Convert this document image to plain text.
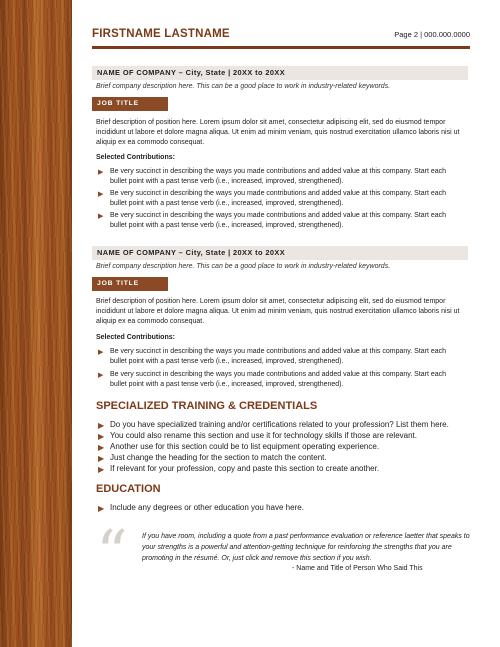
FIRSTNAME LASTNAME	Page 2 | 000.000.0000
NAME OF COMPANY – City, State | 20XX to 20XX
Brief company description here. This can be a good place to work in industry-related keywords.
JOB TITLE
Brief description of position here. Lorem ipsum dolor sit amet, consectetur adipiscing elit, sed do eiusmod tempor incididunt ut labore et dolore magna aliqua. Ut enim ad minim veniam, quis nostrud exercitation ullamco laboris nisi ut aliquip ex ea commodo consequat.
Selected Contributions:
▶ Be very succinct in describing the ways you made contributions and added value at this company. Start each bullet point with a past tense verb (i.e., increased, improved, strengthened).
▶ Be very succinct in describing the ways you made contributions and added value at this company. Start each bullet point with a past tense verb (i.e., increased, improved, strengthened).
▶ Be very succinct in describing the ways you made contributions and added value at this company. Start each bullet point with a past tense verb (i.e., increased, improved, strengthened).
NAME OF COMPANY – City, State | 20XX to 20XX
Brief company description here. This can be a good place to work in industry-related keywords.
JOB TITLE
Brief description of position here. Lorem ipsum dolor sit amet, consectetur adipiscing elit, sed do eiusmod tempor incididunt ut labore et dolore magna aliqua. Ut enim ad minim veniam, quis nostrud exercitation ullamco laboris nisi ut aliquip ex ea commodo consequat.
Selected Contributions:
▶ Be very succinct in describing the ways you made contributions and added value at this company. Start each bullet point with a past tense verb (i.e., increased, improved, strengthened).
▶ Be very succinct in describing the ways you made contributions and added value at this company. Start each bullet point with a past tense verb (i.e., increased, improved, strengthened).
SPECIALIZED TRAINING & CREDENTIALS
▶ Do you have specialized training and/or certifications related to your profession? List them here.
▶ You could also rename this section and use it for technology skills if those are relevant.
▶ Another use for this section could be to list equipment operating experience.
▶ Just change the heading for the section to match the content.
▶ If relevant for your profession, copy and paste this section to create another.
EDUCATION
▶ Include any degrees or other education you have here.
“ If you have room, including a quote from a past performance evaluation or reference laetter that speaks to your strengths is a powerful and attention-getting technique for reinforcing the strengths that you are promoting in the résumé. Or, just click and remove this section if you wish.
- Name and Title of Person Who Said This
